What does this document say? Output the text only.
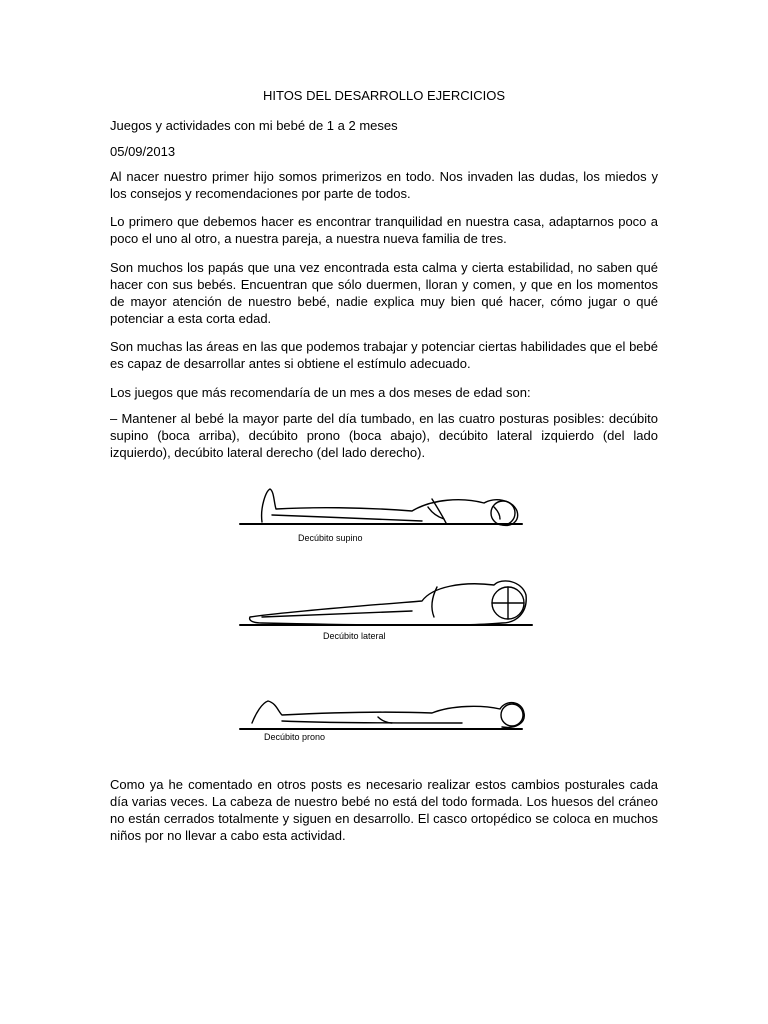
HITOS DEL DESARROLLO EJERCICIOS
Juegos y actividades con mi bebé de 1 a 2 meses
05/09/2013

Al nacer nuestro primer hijo somos primerizos en todo. Nos invaden las dudas, los miedos y los consejos y recomendaciones por parte de todos.

Lo primero que debemos hacer es encontrar tranquilidad en nuestra casa, adaptarnos poco a poco el uno al otro, a nuestra pareja, a nuestra nueva familia de tres.

Son muchos los papás que una vez encontrada esta calma y cierta estabilidad, no saben qué hacer con sus bebés. Encuentran que sólo duermen, lloran y comen, y que en los momentos de mayor atención de nuestro bebé, nadie explica muy bien qué hacer, cómo jugar o qué potenciar a esta corta edad.

Son muchas las áreas en las que podemos trabajar y potenciar ciertas habilidades que el bebé es capaz de desarrollar antes si obtiene el estímulo adecuado.

Los juegos que más recomendaría de un mes a dos meses de edad son:

– Mantener al bebé la mayor parte del día tumbado, en las cuatro posturas posibles: decúbito supino (boca arriba), decúbito prono (boca abajo), decúbito lateral izquierdo (del lado izquierdo), decúbito lateral derecho (del lado derecho).

Decúbito supino
Decúbito lateral
Decúbito prono

Como ya he comentado en otros posts es necesario realizar estos cambios posturales cada día varias veces. La cabeza de nuestro bebé no está del todo formada. Los huesos del cráneo no están cerrados totalmente y siguen en desarrollo. El casco ortopédico se coloca en muchos niños por no llevar a cabo esta actividad.
